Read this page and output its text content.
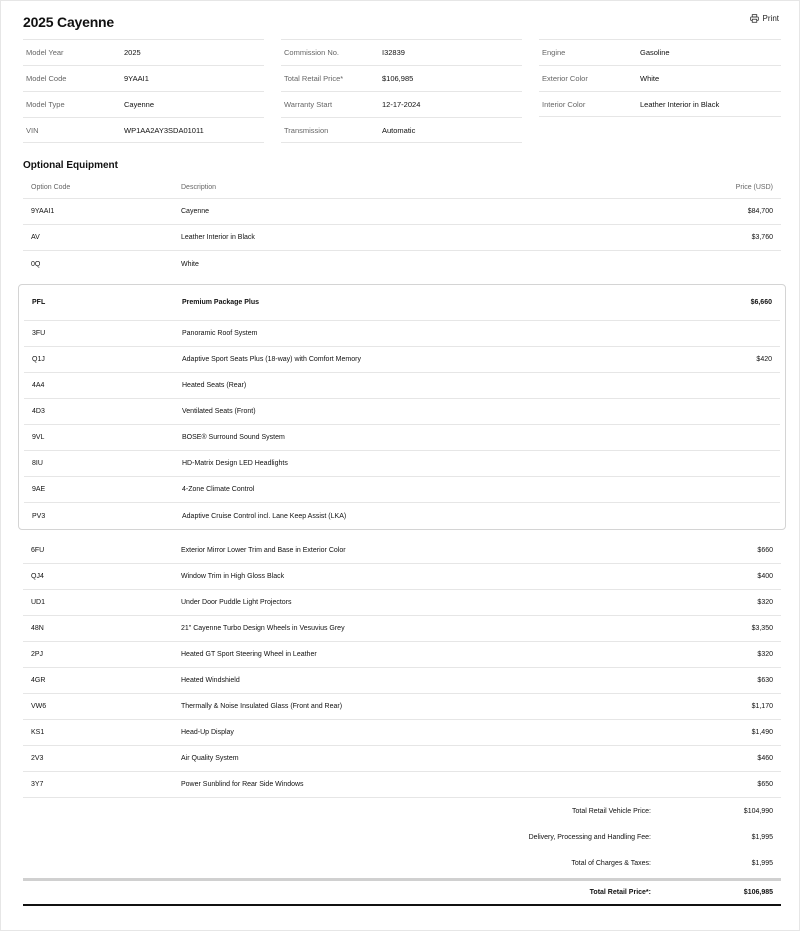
2025 Cayenne	Print
Model Year	2025
Model Code	9YAAI1
Model Type	Cayenne
VIN	WP1AA2AY3SDA01011
Commission No.	I32839
Total Retail Price*	$106,985
Warranty Start	12-17-2024
Transmission	Automatic
Engine	Gasoline
Exterior Color	White
Interior Color	Leather Interior in Black
Optional Equipment
Option Code	Description	Price (USD)
9YAAI1	Cayenne	$84,700
AV	Leather Interior in Black	$3,760
0Q	White
PFL	Premium Package Plus	$6,660
3FU	Panoramic Roof System
Q1J	Adaptive Sport Seats Plus (18-way) with Comfort Memory	$420
4A4	Heated Seats (Rear)
4D3	Ventilated Seats (Front)
9VL	BOSE® Surround Sound System
8IU	HD-Matrix Design LED Headlights
9AE	4-Zone Climate Control
PV3	Adaptive Cruise Control incl. Lane Keep Assist (LKA)
6FU	Exterior Mirror Lower Trim and Base in Exterior Color	$660
QJ4	Window Trim in High Gloss Black	$400
UD1	Under Door Puddle Light Projectors	$320
48N	21" Cayenne Turbo Design Wheels in Vesuvius Grey	$3,350
2PJ	Heated GT Sport Steering Wheel in Leather	$320
4GR	Heated Windshield	$630
VW6	Thermally & Noise Insulated Glass (Front and Rear)	$1,170
KS1	Head-Up Display	$1,490
2V3	Air Quality System	$460
3Y7	Power Sunblind for Rear Side Windows	$650
Total Retail Vehicle Price:	$104,990
Delivery, Processing and Handling Fee:	$1,995
Total of Charges & Taxes:	$1,995
Total Retail Price*:	$106,985
